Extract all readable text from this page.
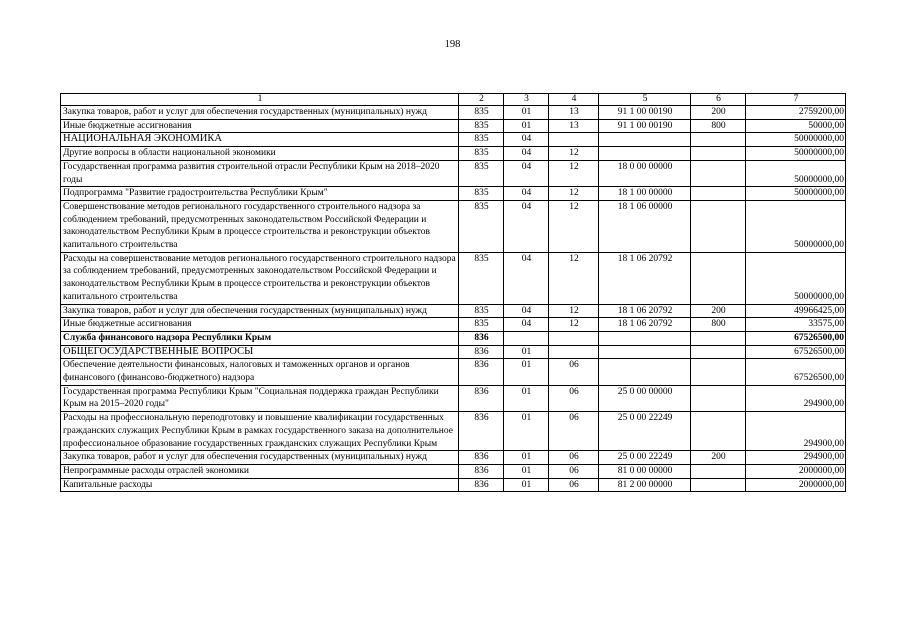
198
1	2	3	4	5	6	7
Закупка товаров, работ и услуг для обеспечения государственных (муниципальных) нужд	835	01	13	91 1 00 00190	200	2759200,00
Иные бюджетные ассигнования	835	01	13	91 1 00 00190	800	50000,00
НАЦИОНАЛЬНАЯ ЭКОНОМИКА	835	04				50000000,00
Другие вопросы в области национальной экономики	835	04	12			50000000,00
Государственная программа развития строительной отрасли Республики Крым на 2018–2020 годы	835	04	12	18 0 00 00000		50000000,00
Подпрограмма "Развитие градостроительства Республики Крым"	835	04	12	18 1 00 00000		50000000,00
Совершенствование методов регионального государственного строительного надзора за соблюдением требований, предусмотренных законодательством Российской Федерации и законодательством Республики Крым в процессе строительства и реконструкции объектов капитального строительства	835	04	12	18 1 06 00000		50000000,00
Расходы на совершенствование методов регионального государственного строительного надзора за соблюдением требований, предусмотренных законодательством Российской Федерации и законодательством Республики Крым в процессе строительства и реконструкции объектов капитального строительства	835	04	12	18 1 06 20792		50000000,00
Закупка товаров, работ и услуг для обеспечения государственных (муниципальных) нужд	835	04	12	18 1 06 20792	200	49966425,00
Иные бюджетные ассигнования	835	04	12	18 1 06 20792	800	33575,00
Служба финансового надзора Республики Крым	836					67526500,00
ОБЩЕГОСУДАРСТВЕННЫЕ ВОПРОСЫ	836	01				67526500,00
Обеспечение деятельности финансовых, налоговых и таможенных органов и органов финансового (финансово-бюджетного) надзора	836	01	06			67526500,00
Государственная программа Республики Крым "Социальная поддержка граждан Республики Крым на 2015–2020 годы"	836	01	06	25 0 00 00000		294900,00
Расходы на профессиональную переподготовку и повышение квалификации государственных гражданских служащих Республики Крым в рамках государственного заказа на дополнительное профессиональное образование государственных гражданских служащих Республики Крым	836	01	06	25 0 00 22249		294900,00
Закупка товаров, работ и услуг для обеспечения государственных (муниципальных) нужд	836	01	06	25 0 00 22249	200	294900,00
Непрограммные расходы отраслей экономики	836	01	06	81 0 00 00000		2000000,00
Капитальные расходы	836	01	06	81 2 00 00000		2000000,00
